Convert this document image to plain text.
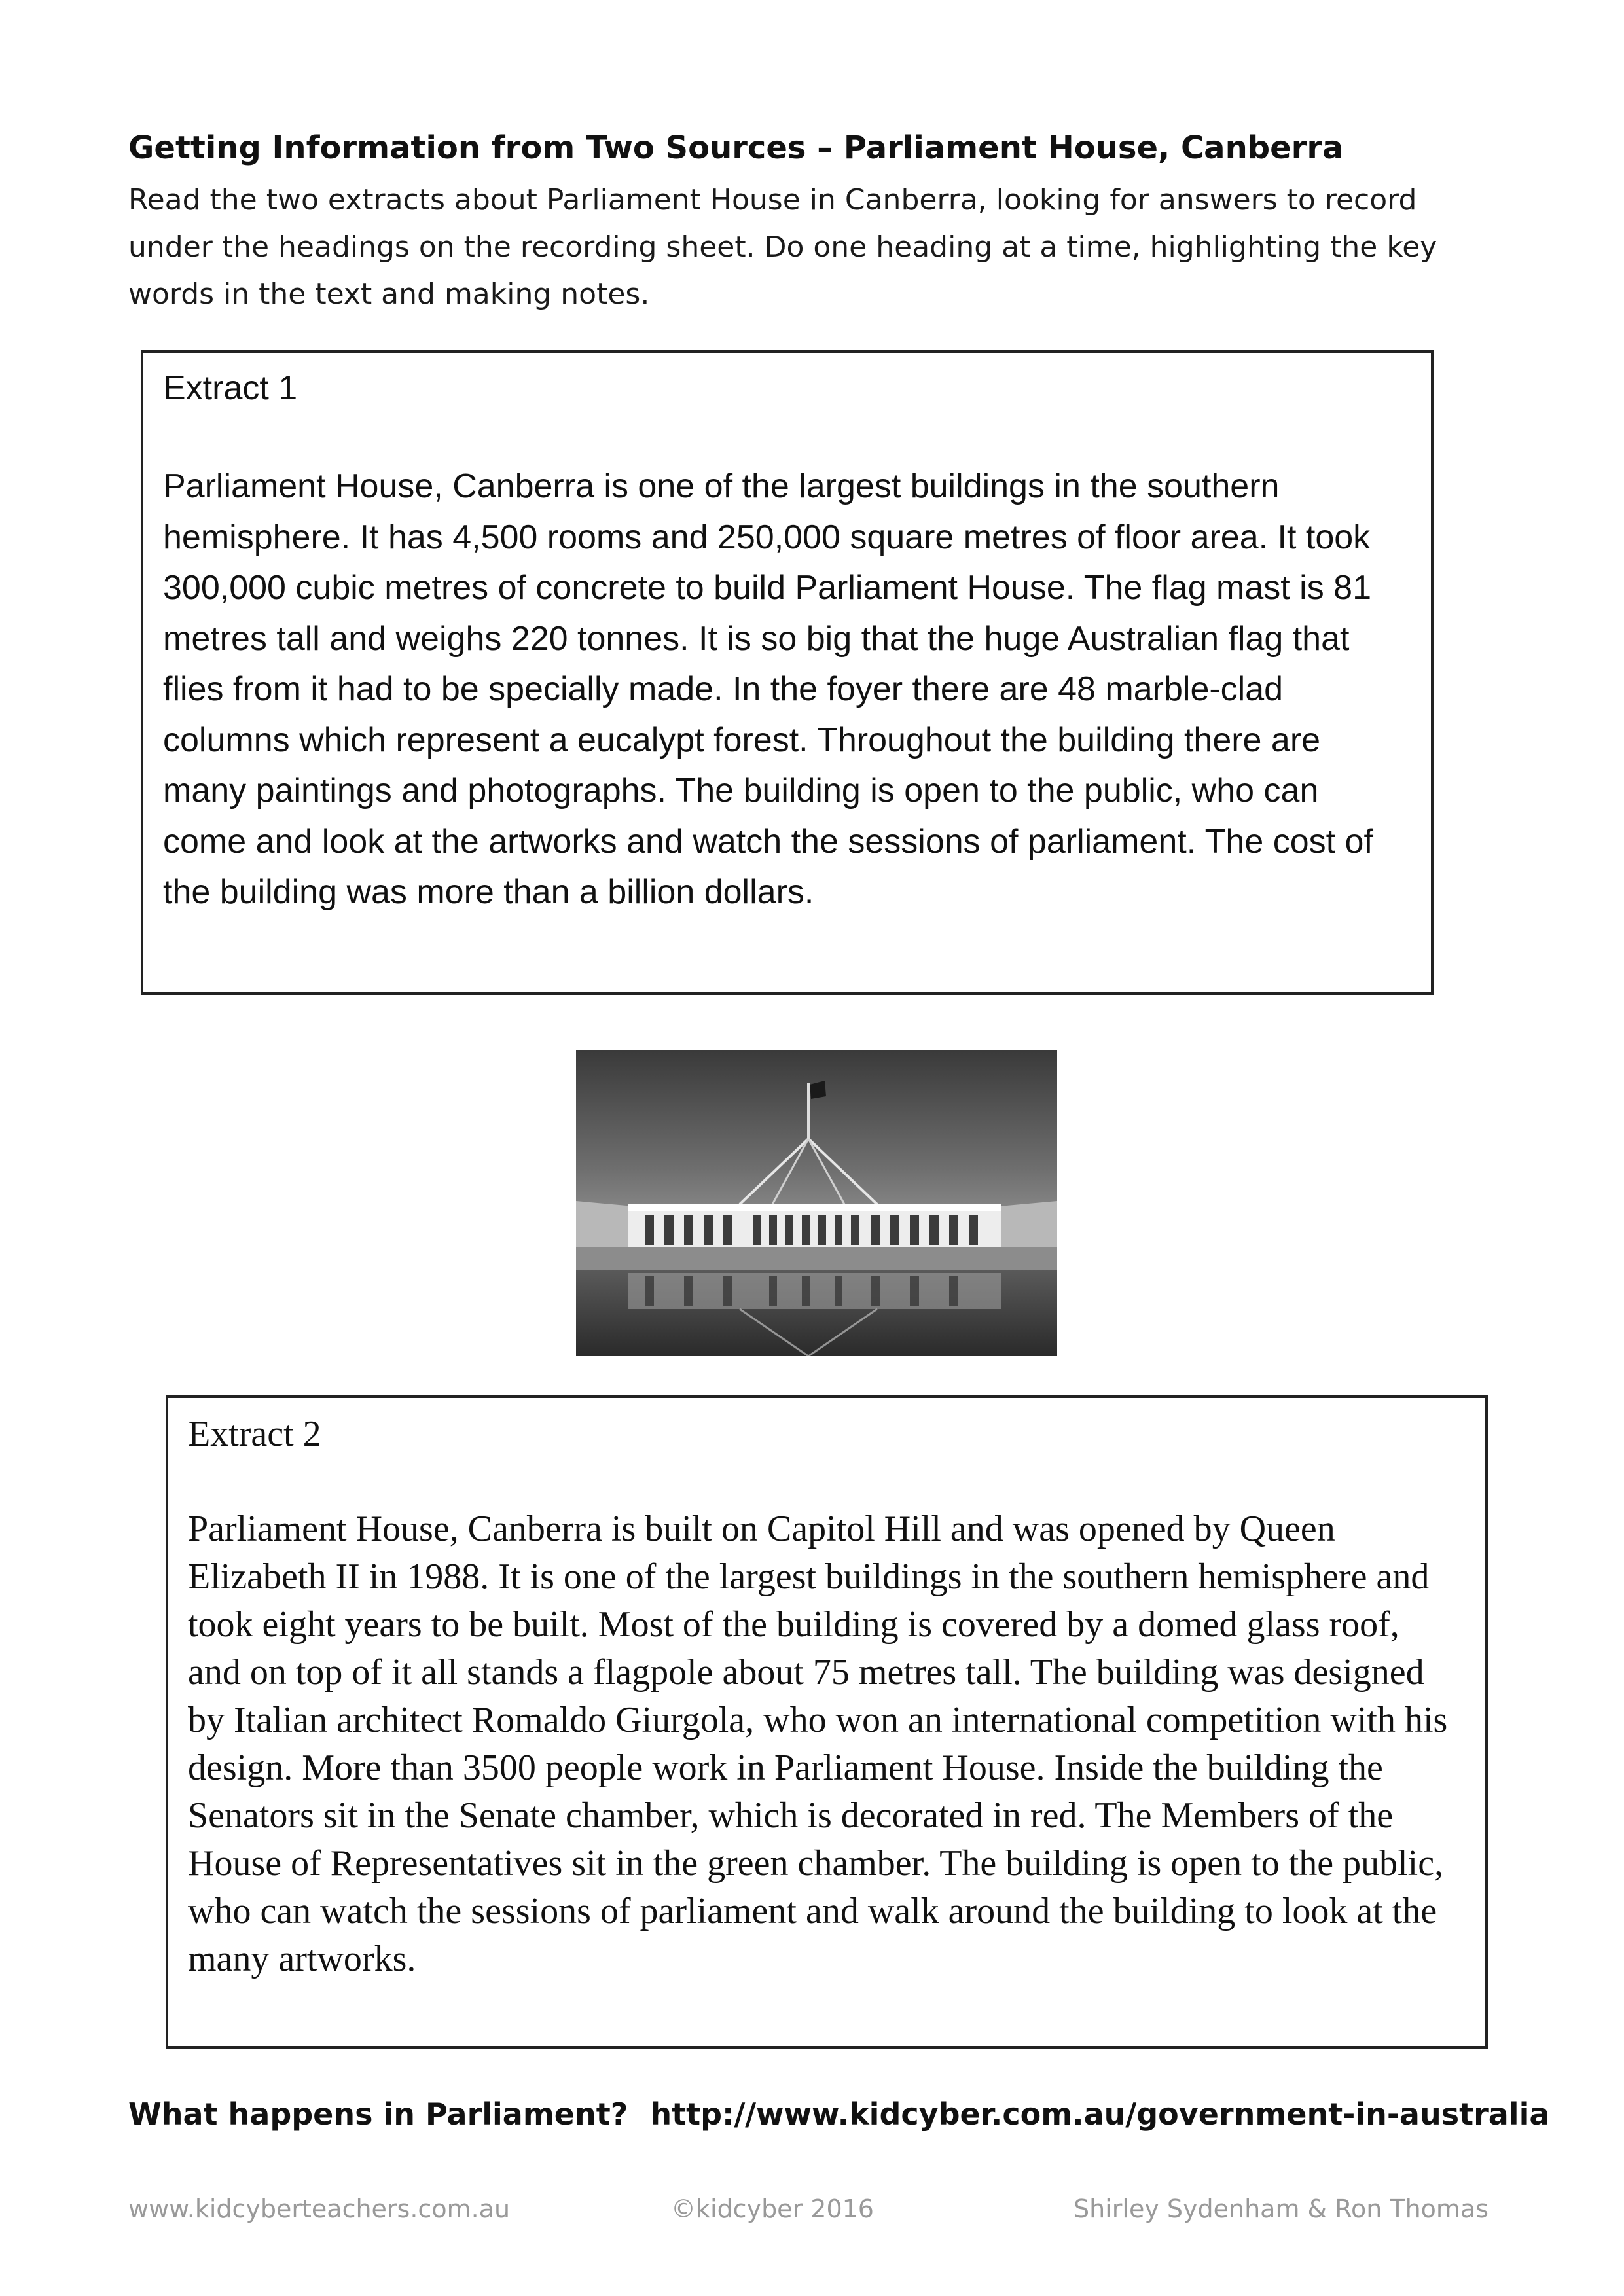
Getting Information from Two Sources – Parliament House, Canberra

Read the two extracts about Parliament House in Canberra, looking for answers to record under the headings on the recording sheet. Do one heading at a time, highlighting the key words in the text and making notes.

Extract 1

Parliament House, Canberra is one of the largest buildings in the southern hemisphere. It has 4,500 rooms and 250,000 square metres of floor area. It took 300,000 cubic metres of concrete to build Parliament House. The flag mast is 81 metres tall and weighs 220 tonnes. It is so big that the huge Australian flag that flies from it had to be specially made. In the foyer there are 48 marble-clad columns which represent a eucalypt forest. Throughout the building there are many paintings and photographs. The building is open to the public, who can come and look at the artworks and watch the sessions of parliament. The cost of the building was more than a billion dollars.

Extract 2

Parliament House, Canberra is built on Capitol Hill and was opened by Queen Elizabeth II in 1988. It is one of the largest buildings in the southern hemisphere and took eight years to be built. Most of the building is covered by a domed glass roof, and on top of it all stands a flagpole about 75 metres tall. The building was designed by Italian architect Romaldo Giurgola, who won an international competition with his design. More than 3500 people work in Parliament House. Inside the building the Senators sit in the Senate chamber, which is decorated in red. The Members of the House of Representatives sit in the green chamber. The building is open to the public, who can watch the sessions of parliament and walk around the building to look at the many artworks.

What happens in Parliament? http://www.kidcyber.com.au/government-in-australia
www.kidcyberteachers.com.au	©kidcyber 2016	Shirley Sydenham & Ron Thomas
